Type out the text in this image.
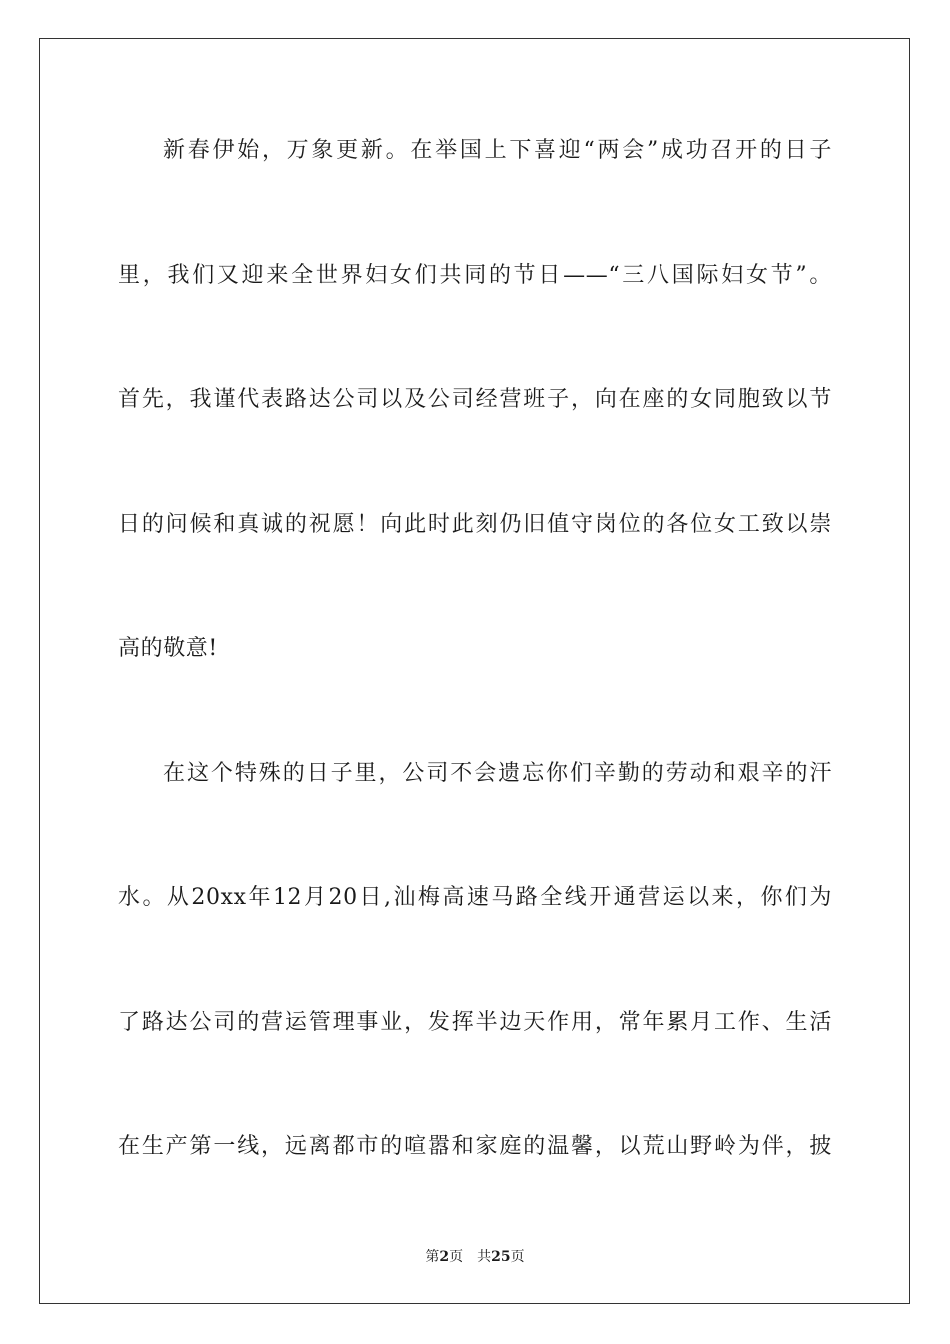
新春伊始，万象更新。在举国上下喜迎“两会”成功召开的日子
里，我们又迎来全世界妇女们共同的节日——“三八国际妇女节”。
首先，我谨代表路达公司以及公司经营班子，向在座的女同胞致以节
日的问候和真诚的祝愿！向此时此刻仍旧值守岗位的各位女工致以崇
高的敬意!
在这个特殊的日子里，公司不会遗忘你们辛勤的劳动和艰辛的汗
水。从20xx年12月20日,汕梅高速马路全线开通营运以来，你们为
了路达公司的营运管理事业，发挥半边天作用，常年累月工作、生活
在生产第一线，远离都市的喧嚣和家庭的温馨，以荒山野岭为伴，披
第2页 共25页
